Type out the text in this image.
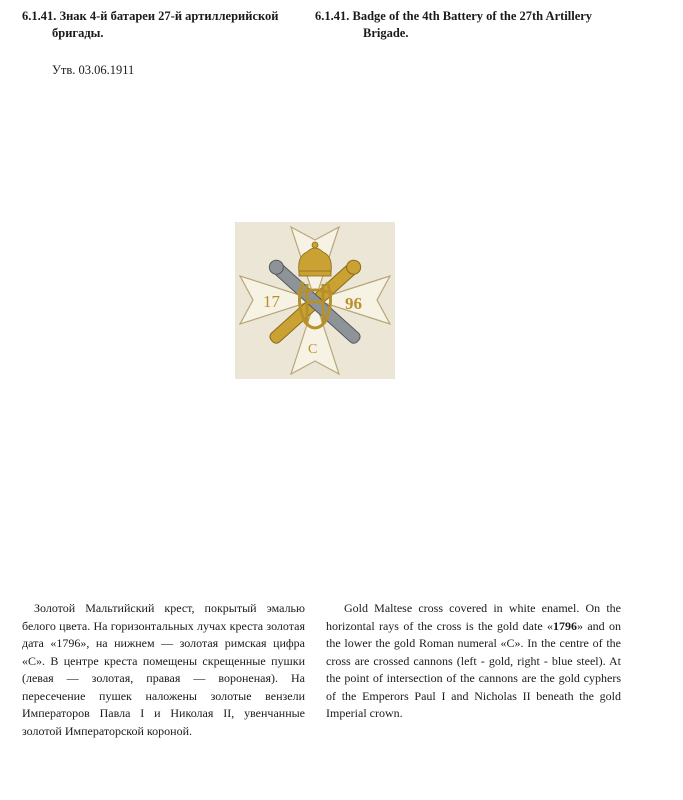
6.1.41. Знак 4-й батареи 27-й артиллерийской
бригады.
6.1.41. Badge of the 4th Battery of the 27th Artillery
Brigade.
Утв. 03.06.1911
17	96
C
Золотой Мальтийский крест, покрытый эмалью белого цвета. На горизонтальных лучах креста золотая дата «1796», на нижнем — золотая римская цифра «С». В центре креста помещены скрещенные пушки (левая — золотая, правая — вороненая). На пересечение пушек наложены золотые вензели Императоров Павла I и Николая II, увенчанные золотой Императорской короной.
Gold Maltese cross covered in white enamel. On the horizontal rays of the cross is the gold date «1796» and on the lower the gold Roman numeral «C». In the centre of the cross are crossed cannons (left - gold, right - blue steel). At the point of intersection of the cannons are the gold cyphers of the Emperors Paul I and Nicholas II beneath the gold Imperial crown.
